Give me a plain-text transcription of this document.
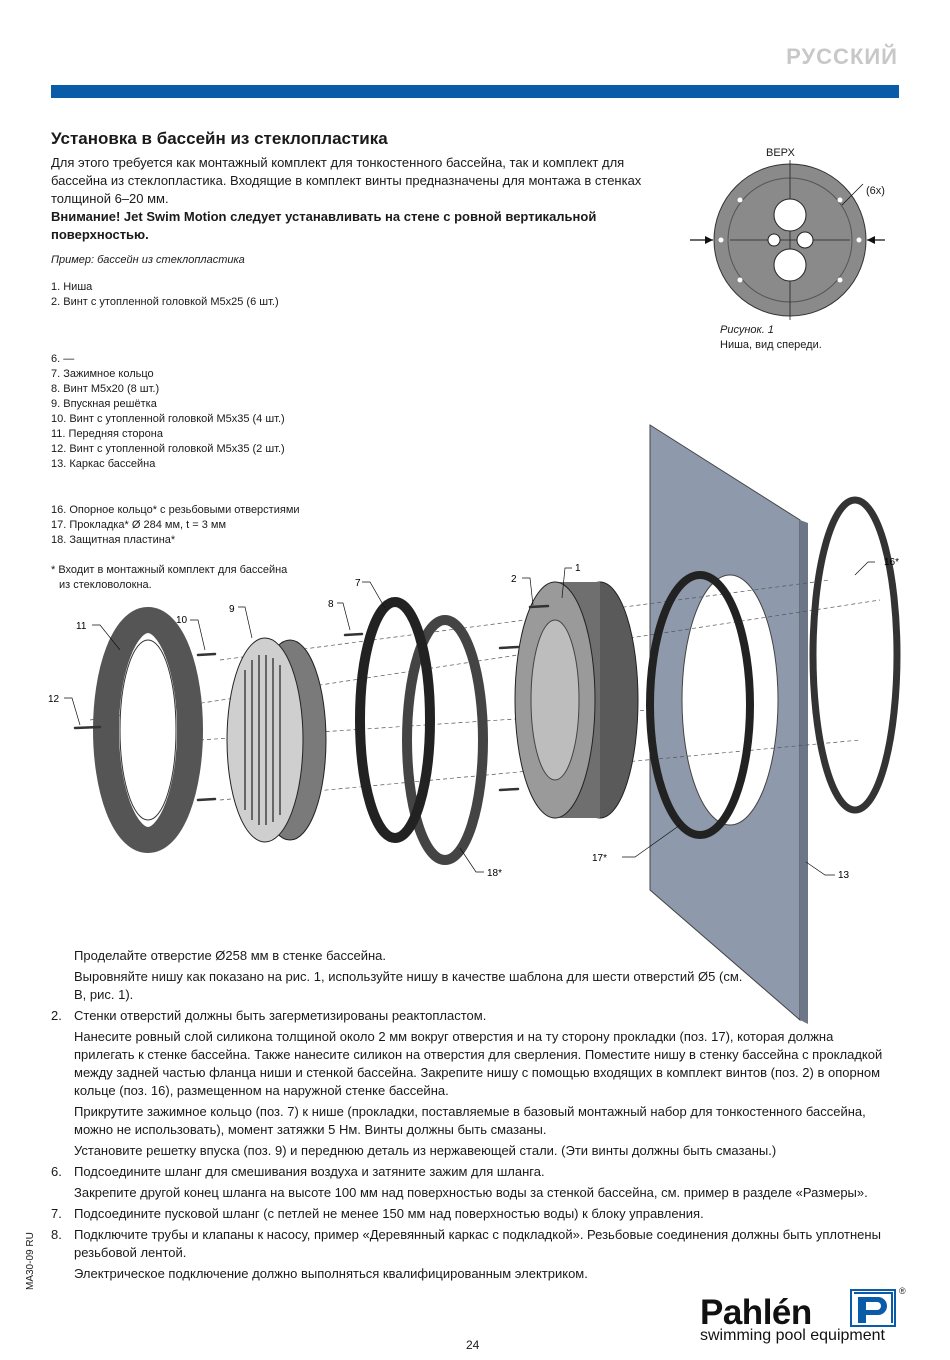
РУССКИЙ
Установка в бассейн из стеклопластика

Для этого требуется как монтажный комплект для тонкостенного бассейна, так и комплект для бассейна из стеклопластика. Входящие в комплект винты предназначены для монтажа в стенках толщиной 6–20 мм.

Внимание! Jet Swim Motion следует устанавливать на стене с ровной вертикальной поверхностью.

Пример: бассейн из стеклопластика
1. Ниша
2. Винт с утопленной головкой M5x25 (6 шт.)
6. —
7. Зажимное кольцо
8. Винт M5x20 (8 шт.)
9. Впускная решётка
10. Винт с утопленной головкой M5x35 (4 шт.)
11. Передняя сторона
12. Винт с утопленной головкой M5x35 (2 шт.)
13. Каркас бассейна
16. Опорное кольцо* с резьбовыми отверстиями
17. Прокладка* Ø 284 мм, t = 3 мм
18. Защитная пластина*
* Входит в монтажный комплект для бассейна
из стекловолокна.
ВЕРХ
(6x)
Рисунок. 1
Ниша, вид спереди.
1
2
7
8
9
10
11
12
13
16*
17*
18*
Проделайте отверстие Ø258 мм в стенке бассейна.
Выровняйте нишу как показано на рис. 1, используйте нишу в качестве шаблона для шести отверстий Ø5 (см. B, рис. 1).
2. Стенки отверстий должны быть загерметизированы реактопластом.
Нанесите ровный слой силикона толщиной около 2 мм вокруг отверстия и на ту сторону прокладки (поз. 17), которая должна прилегать к стенке бассейна. Также нанесите силикон на отверстия для сверления. Поместите нишу в стенку бассейна с прокладкой между задней частью фланца ниши и стенкой бассейна. Закрепите нишу с помощью входящих в комплект винтов (поз. 2) в опорном кольце (поз. 16), размещенном на наружной стенке бассейна.
Прикрутите зажимное кольцо (поз. 7) к нише (прокладки, поставляемые в базовый монтажный набор для тонкостенного бассейна, можно не использовать), момент затяжки 5 Нм. Винты должны быть смазаны.
Установите решетку впуска (поз. 9) и переднюю деталь из нержавеющей стали. (Эти винты должны быть смазаны.)
6. Подсоедините шланг для смешивания воздуха и затяните зажим для шланга.
Закрепите другой конец шланга на высоте 100 мм над поверхностью воды за стенкой бассейна, см. пример в разделе «Размеры».
7. Подсоедините пусковой шланг (с петлей не менее 150 мм над поверхностью воды) к блоку управления.
8. Подключите трубы и клапаны к насосу, пример «Деревянный каркас с подкладкой». Резьбовые соединения должны быть уплотнены резьбовой лентой.
Электрическое подключение должно выполняться квалифицированным электриком.
MA30-09 RU
24
Pahlén
®
swimming pool equipment
